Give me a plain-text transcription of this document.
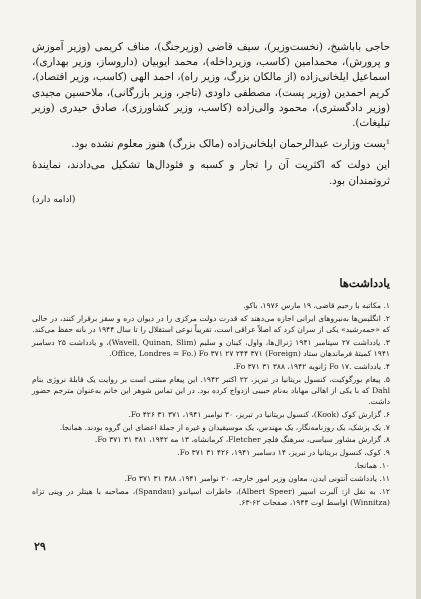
حاجی باباشیخ، (نخست‌وزیر)، سیف قاضی (وزیرجنگ)، مناف کریمی (وزیر آموزش و پرورش)، محمدامین (کاسب، وزیرداخله)، محمد ایوبیان (داروساز، وزیر بهداری)، اسماعیل ایلخانی‌زاده (از مالکان بزرگ، وزیر راه)، احمد الهی (کاسب، وزیر اقتصاد)، کریم احمدین (وزیر پست)، مصطفی داودی (تاجر، وزیر بازرگانی)، ملاحسین مجیدی (وزیر دادگستری)، محمود والی‌زاده (کاسب، وزیر کشاورزی)، صادق حیدری (وزیر تبلیغات).

¹پست وزارت عبدالرحمان ایلخانی‌زاده (مالک بزرگ) هنوز معلوم نشده بود.

این دولت که اکثریت آن را تجار و کسبه و فئودال‌ها تشکیل می‌دادند، نمایندهٔ ثروتمندان بود.

(ادامه دارد)
یادداشت‌ها

۱. مکاتبه با رحیم قاضی، ۱۹ مارس ۱۹۷۶، باکو.

۲. انگلیس‌ها به‌نیروهای ایرانی اجازه می‌دهند که قدرت دولت مرکزی را در دیوان دره و سقز برقرار کنند، در حالی که «حمه‌رشید» یکی از سران کرد که اصلاً عراقی است، تقریباً نوعی استقلال را تا سال ۱۹۴۴ در بانه حفظ می‌کند.

۳. یادداشت ۲۷ سپتامبر ۱۹۴۱ ژنرال‌ها، واول، کینان و سلیم (Wavell, Quinan, Slim)، و یادداشت ۲۵ دسامبر ۱۹۴۱ کمیتهٔ فرماندهان ستاد Office, Londres = Fo.) Fo ۳۷۱ ۲۷ ۲۴۴ ۳۷۱ (Foreign).

۴. یادداشت .Fo ۱۷ ژانویه ۱۹۴۲، ۳۸۸ ۳۱ ۳۷۱ Fo.

۵. پیغام بورگوکیت، کنسول بریتانیا در تبریز، ۲۲ اکتبر ۱۹۴۲. این پیغام مبتنی است بر روایت یک قابلهٔ نروژی بنام Dahl که با یکی از اهالی مهاباد به‌نام حبیبی ازدواج کرده بود. در این تماس شوهر این خانم به‌عنوان مترجم حضور داشت.

۶. گزارش کوک (Kook)، کنسول بریتانیا در تبریز، ۳۰ نوامبر ۱۹۴۱، ۳۷۱ ۳۱ ۴۲۶ Fo.

۷. یک پزشک، یک روزنامه‌نگار، یک مهندس، یک موسیقیدان و غیره از جملهٔ اعضای این گروه بودند. همانجا.

۸. گزارش مشاور سیاسی، سرهنگ فلچر Fletcher، کرمانشاه، ۱۳ مه ۱۹۴۲، ۳۸۱ ۳۱ ۳۷۱ Fo.

۹. کوک، کنسول بریتانیا در تبریز، ۱۴ دسامبر ۱۹۴۱، ۴۲۶ ۳۱ ۳۷۱ Fo.

۱۰. همانجا.

۱۱. یادداشت آنتونی ایدن، معاون وزیر امور خارجه، ۲۰ نوامبر ۱۹۴۱، ۳۸۸ ۳۱ ۳۷۱ Fo.

۱۲. به نقل از: آلبرت اسپیر (Albert Speer)، خاطرات اسپاندو (Spandau)، مصاحبه با هیتلر در وینی تزاه (Winnitza) اواسط اوت ۱۹۴۴، صفحات ۶۲-۶۳.

۲۹
